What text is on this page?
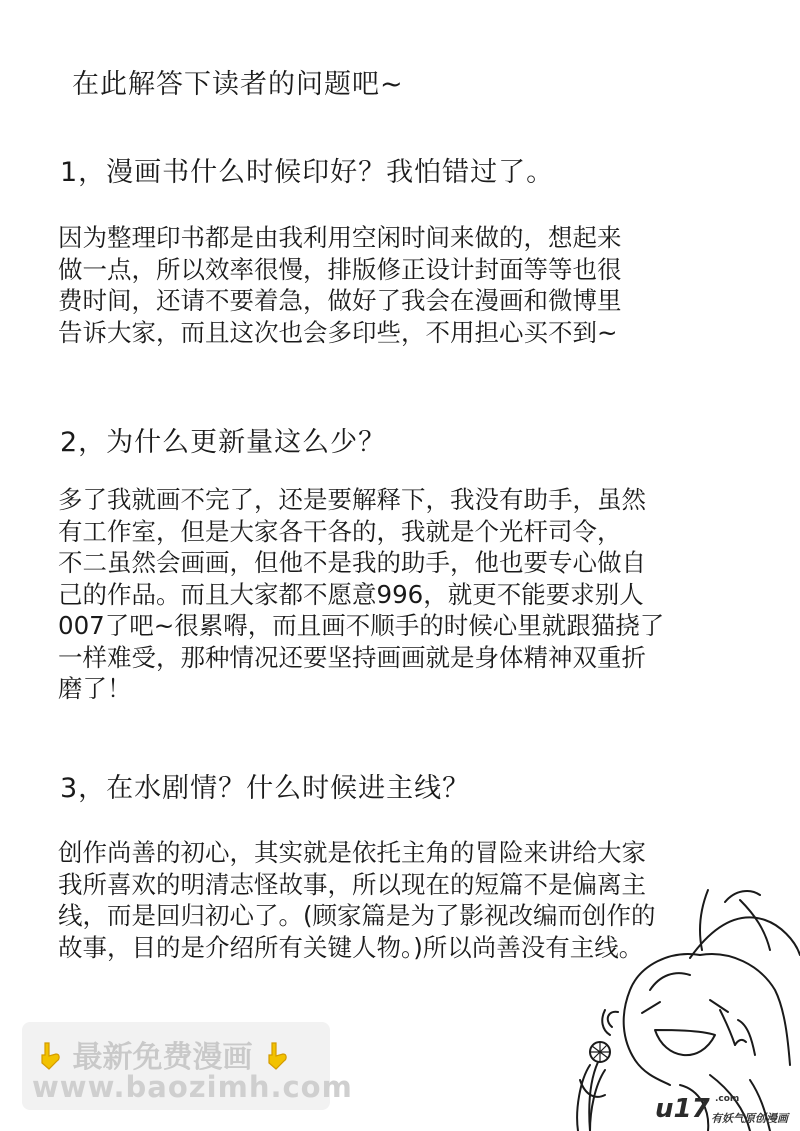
在此解答下读者的问题吧~
1，漫画书什么时候印好？我怕错过了。
因为整理印书都是由我利用空闲时间来做的，想起来
做一点，所以效率很慢，排版修正设计封面等等也很
费时间，还请不要着急，做好了我会在漫画和微博里
告诉大家，而且这次也会多印些，不用担心买不到~
2，为什么更新量这么少？
多了我就画不完了，还是要解释下，我没有助手，虽然
有工作室，但是大家各干各的，我就是个光杆司令，
不二虽然会画画，但他不是我的助手，他也要专心做自
己的作品。而且大家都不愿意996，就更不能要求别人
007了吧~很累嘚，而且画不顺手的时候心里就跟猫挠了
一样难受，那种情况还要坚持画画就是身体精神双重折
磨了！
3，在水剧情？什么时候进主线？
创作尚善的初心，其实就是依托主角的冒险来讲给大家
我所喜欢的明清志怪故事，所以现在的短篇不是偏离主
线，而是回归初心了。(顾家篇是为了影视改编而创作的
故事，目的是介绍所有关键人物。)所以尚善没有主线。
最新免费漫画
www.baozimh.com
u17 .com
有妖气原创漫画
